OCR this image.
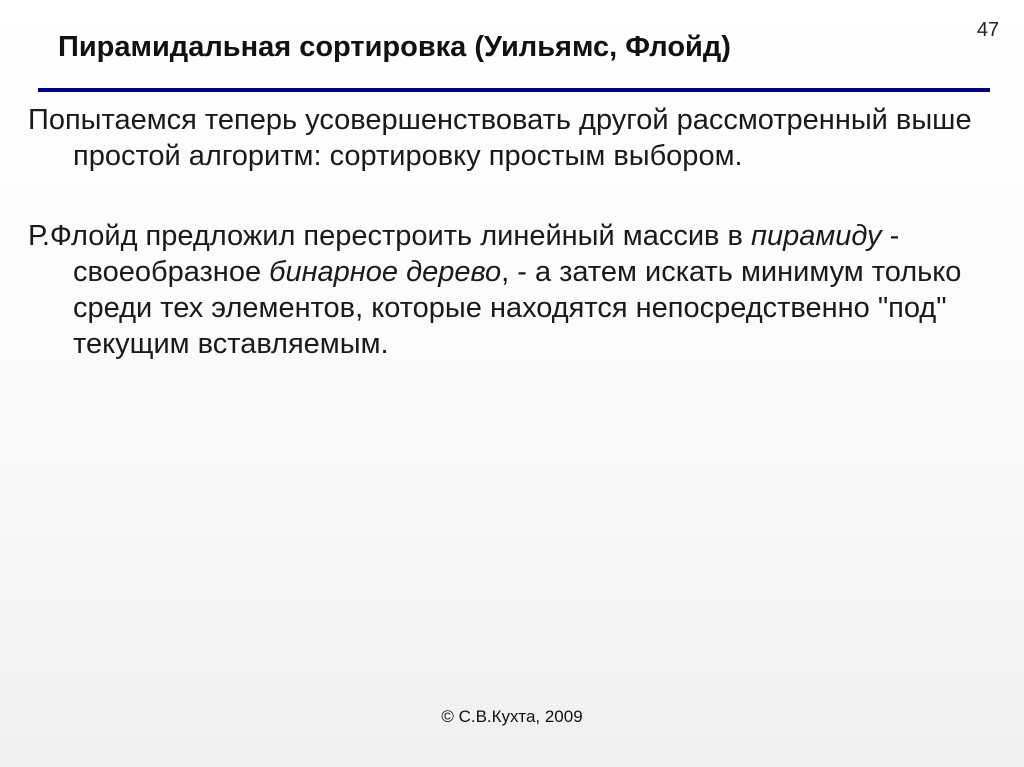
Пирамидальная сортировка (Уильямс, Флойд)
47

Попытаемся теперь усовершенствовать другой рассмотренный выше простой алгоритм: сортировку простым выбором.

Р.Флойд предложил перестроить линейный массив в пирамиду - своеобразное бинарное дерево, - а затем искать минимум только среди тех элементов, которые находятся непосредственно "под" текущим вставляемым.

© С.В.Кухта, 2009
